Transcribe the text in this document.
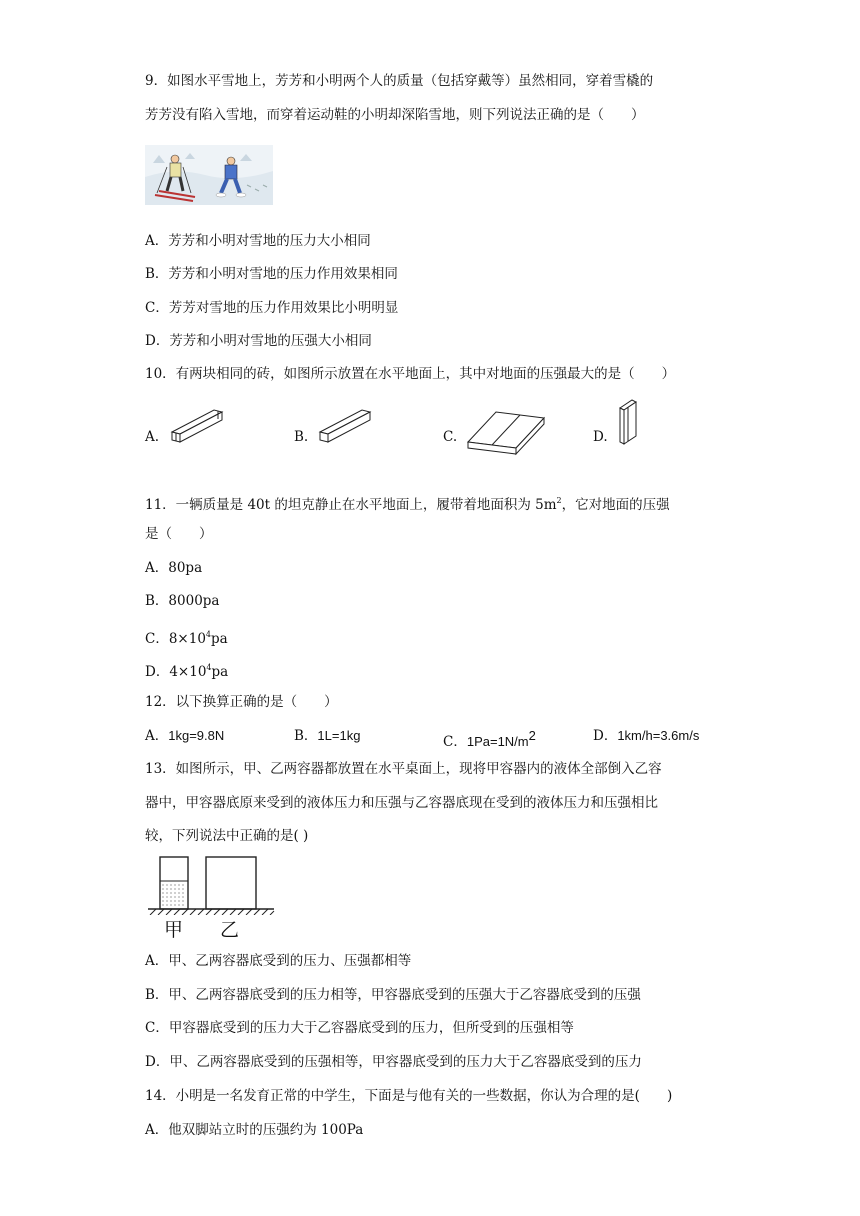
9．如图水平雪地上，芳芳和小明两个人的质量（包括穿戴等）虽然相同，穿着雪橇的
芳芳没有陷入雪地，而穿着运动鞋的小明却深陷雪地，则下列说法正确的是（　　）
A．芳芳和小明对雪地的压力大小相同
B．芳芳和小明对雪地的压力作用效果相同
C．芳芳对雪地的压力作用效果比小明明显
D．芳芳和小明对雪地的压强大小相同
10．有两块相同的砖，如图所示放置在水平地面上，其中对地面的压强最大的是（　　）
A.	B.	C.	D.
11．一辆质量是 40t 的坦克静止在水平地面上，履带着地面积为 $5m^2$，它对地面的压强
是（　　）
A．80pa
B．8000pa
C．$8\times 10^4pa$
D．$4\times 10^4pa$
12．以下换算正确的是（　　）
A．1kg=9.8N	B．1L=1kg	C．1Pa=1N/m2	D．1km/h=3.6m/s
13．如图所示，甲、乙两容器都放置在水平桌面上，现将甲容器内的液体全部倒入乙容
器中，甲容器底原来受到的液体压力和压强与乙容器底现在受到的液体压力和压强相比
较，下列说法中正确的是( )
甲 乙
A．甲、乙两容器底受到的压力、压强都相等
B．甲、乙两容器底受到的压力相等，甲容器底受到的压强大于乙容器底受到的压强
C．甲容器底受到的压力大于乙容器底受到的压力，但所受到的压强相等
D．甲、乙两容器底受到的压强相等，甲容器底受到的压力大于乙容器底受到的压力
14．小明是一名发育正常的中学生，下面是与他有关的一些数据，你认为合理的是(　　)
A．他双脚站立时的压强约为 100Pa
